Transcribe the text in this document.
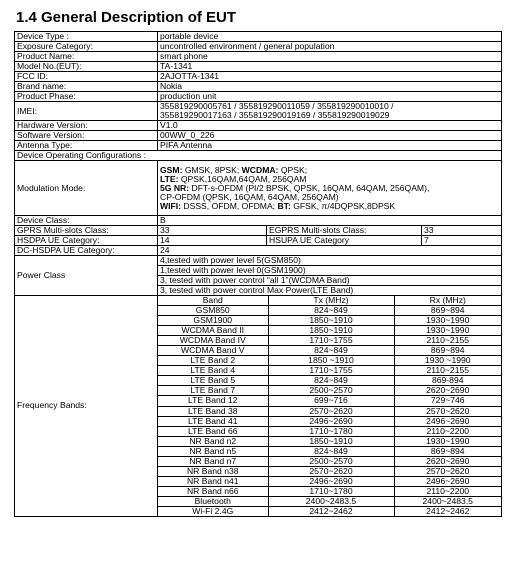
1.4 General Description of EUT
Device Type :	portable device
Exposure Category:	uncontrolled environment / general population
Product Name:	smart phone
Model No.(EUT):	TA-1341
FCC ID:	2AJOTTA-1341
Brand name:	Nokia
Product Phase:	production unit
IMEI:	355819290005761 / 355819290011059 / 355819290010010 /
355819290017163 / 355819290019169 / 355819290019029

Hardware Version:	V1.0
Software Version:	00WW_0_226
Antenna Type:	PIFA Antenna
Device Operating Configurations :
Modulation Mode:	
GSM: GMSK, 8PSK; WCDMA: QPSK;
LTE: QPSK,16QAM,64QAM, 256QAM
5G NR: DFT-s-OFDM (PI/2 BPSK, QPSK, 16QAM, 64QAM, 256QAM),
CP-OFDM (QPSK, 16QAM, 64QAM, 256QAM)
WIFI: DSSS, OFDM, OFDMA; BT: GFSK, π/4DQPSK,8DPSK

Device Class:	B
GPRS Multi-slots Class:		33	EGPRS Multi-slots Class:	33

HSDPA UE Category:		14	HSUPA UE Category	7

DC-HSDPA UE Category:	24
Power Class	4,tested with power level 5(GSM850)
1,tested with power level 0(GSM1900)
3, tested with power control “all 1”(WCDMA Band)
3, tested with power control Max Power(LTE Band)
Frequency Bands:	
Band	Tx (MHz)	Rx (MHz)
GSM850	824~849	869~894
GSM1900	1850~1910	1930~1990
WCDMA Band II	1850~1910	1930~1990
WCDMA Band IV	1710~1755	2110~2155
WCDMA Band V	824~849	869~894
LTE Band 2	1850 ~1910	1930 ~1990
LTE Band 4	1710~1755	2110~2155
LTE Band 5	824~849	869-894
LTE Band 7	2500~2570	2620~2690
LTE Band 12	699~716	729~746
LTE Band 38	2570~2620	2570~2620
LTE Band 41	2496~2690	2496~2690
LTE Band 66	1710~1780	2110~2200
NR Band n2	1850~1910	1930~1990
NR Band n5	824~849	869~894
NR Band n7	2500~2570	2620~2690
NR Band n38	2570~2620	2570~2620
NR Band n41	2496~2690	2496~2690
NR Band n66	1710~1780	2110~2200
Bluetooth	2400~2483.5	2400~2483.5
Wi-Fi 2.4G	2412~2462	2412~2462
